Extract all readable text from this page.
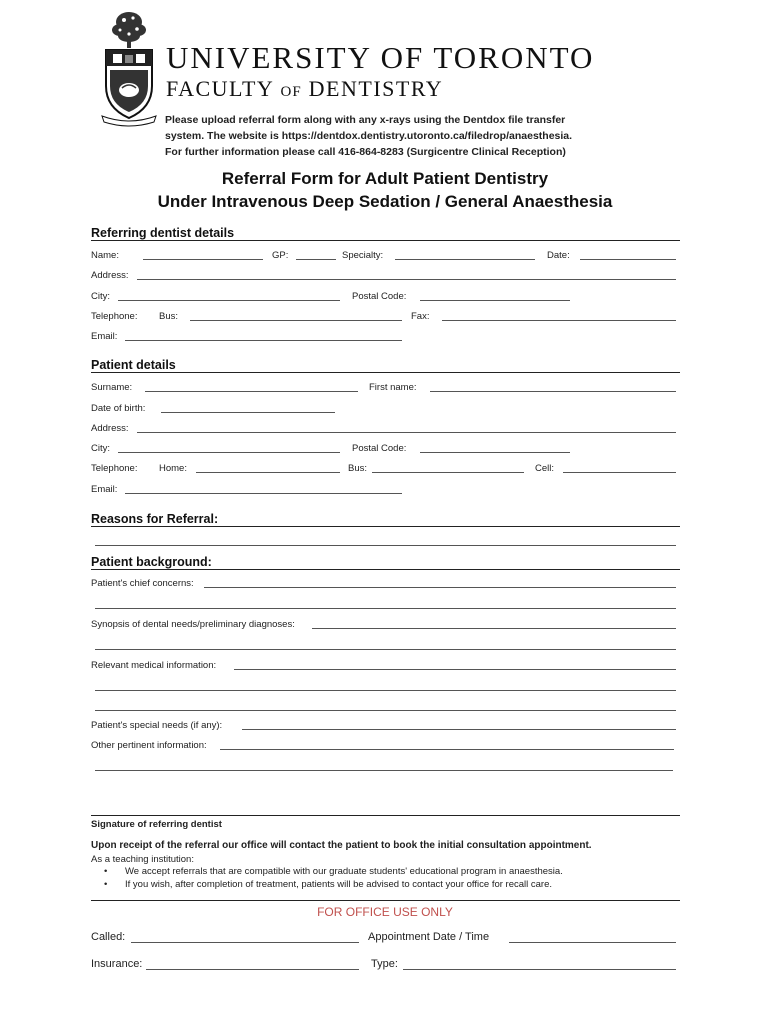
UNIVERSITY OF TORONTO
FACULTY OF DENTISTRY
Please upload referral form along with any x-rays using the Dentdox file transfer
system. The website is https://dentdox.dentistry.utoronto.ca/filedrop/anaesthesia.
For further information please call 416-864-8283 (Surgicentre Clinical Reception)
Referral Form for Adult Patient Dentistry
Under Intravenous Deep Sedation / General Anaesthesia
Referring dentist details
Name:	GP:	Specialty:	Date:
Address:
City:	Postal Code:
Telephone: Bus:	Fax:
Email:
Patient details
Surname:	First name:
Date of birth:
Address:
City:	Postal Code:
Telephone: Home:	Bus:	Cell:
Email:
Reasons for Referral:
Patient background:
Patient's chief concerns:
Synopsis of dental needs/preliminary diagnoses:
Relevant medical information:
Patient's special needs (if any):
Other pertinent information:
Signature of referring dentist
Upon receipt of the referral our office will contact the patient to book the initial consultation appointment.
As a teaching institution:
• We accept referrals that are compatible with our graduate students' educational program in anaesthesia.
• If you wish, after completion of treatment, patients will be advised to contact your office for recall care.
FOR OFFICE USE ONLY
Called:	Appointment Date / Time
Insurance:	Type:
